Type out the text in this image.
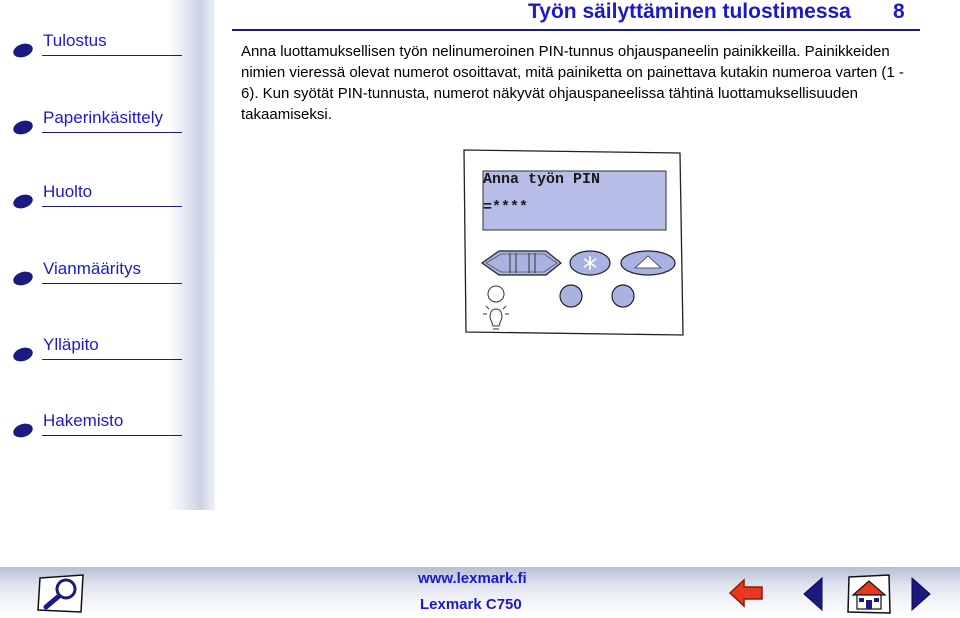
Tulostus
Paperinkäsittely
Huolto
Vianmääritys
Ylläpito
Hakemisto
Työn säilyttäminen tulostimessa 8

Anna luottamuksellisen työn nelinumeroinen PIN-tunnus ohjauspaneelin painikkeilla. Painikkeiden nimien vieressä olevat numerot osoittavat, mitä painiketta on painettava kutakin numeroa varten (1 - 6). Kun syötät PIN-tunnusta, numerot näkyvät ohjauspaneelissa tähtinä luottamuksellisuuden takaamiseksi.

Anna työn PIN
=****
www.lexmark.fi
Lexmark C750
